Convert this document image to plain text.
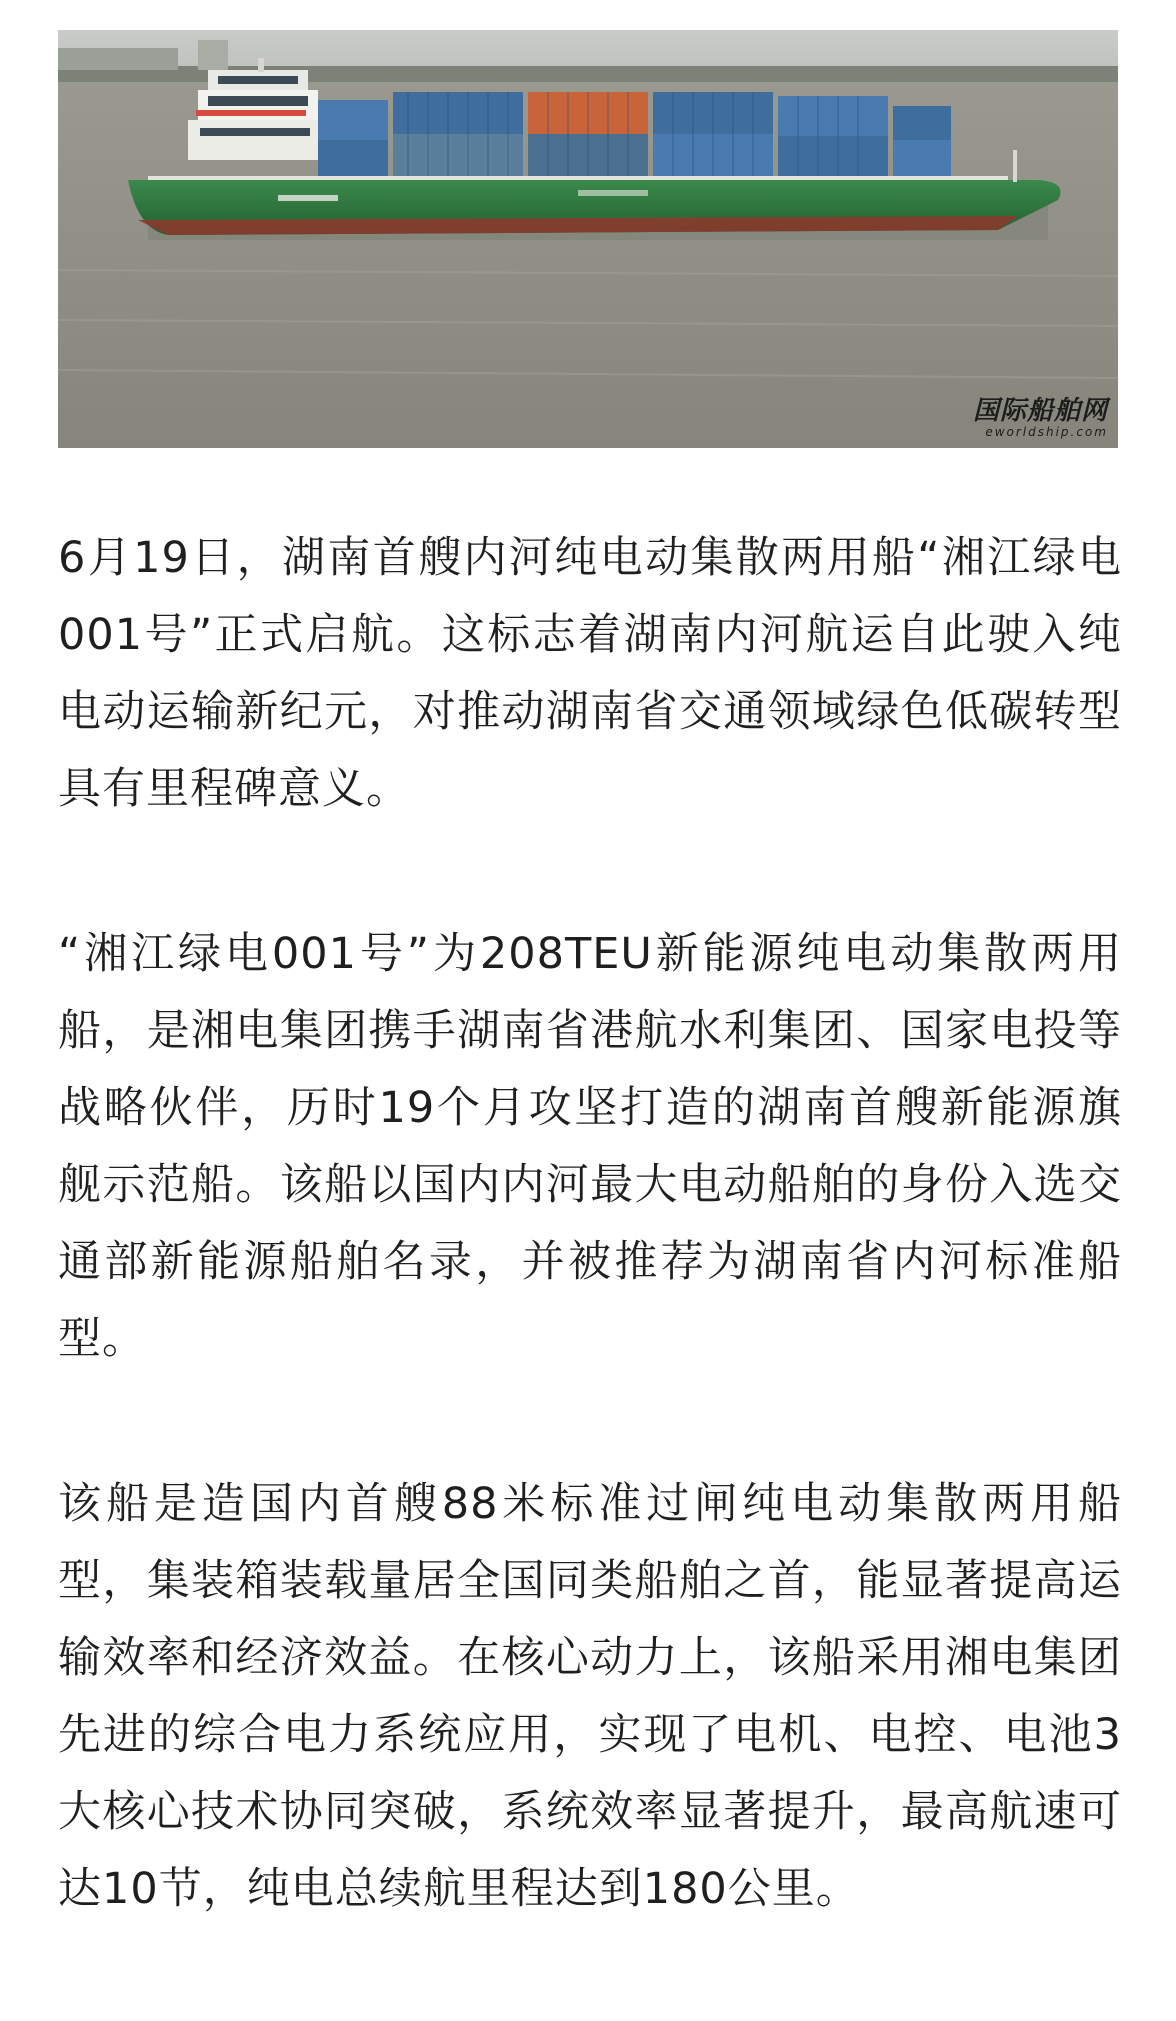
国际船舶网
eworldship.com

6月19日，湖南首艘内河纯电动集散两用船“湘江绿电001号”正式启航。这标志着湖南内河航运自此驶入纯电动运输新纪元，对推动湖南省交通领域绿色低碳转型具有里程碑意义。

“湘江绿电001号”为208TEU新能源纯电动集散两用船，是湘电集团携手湖南省港航水利集团、国家电投等战略伙伴，历时19个月攻坚打造的湖南首艘新能源旗舰示范船。该船以国内内河最大电动船舶的身份入选交通部新能源船舶名录，并被推荐为湖南省内河标准船型。

该船是造国内首艘88米标准过闸纯电动集散两用船型，集装箱装载量居全国同类船舶之首，能显著提高运输效率和经济效益。在核心动力上，该船采用湘电集团先进的综合电力系统应用，实现了电机、电控、电池3大核心技术协同突破，系统效率显著提升，最高航速可达10节，纯电总续航里程达到180公里。
